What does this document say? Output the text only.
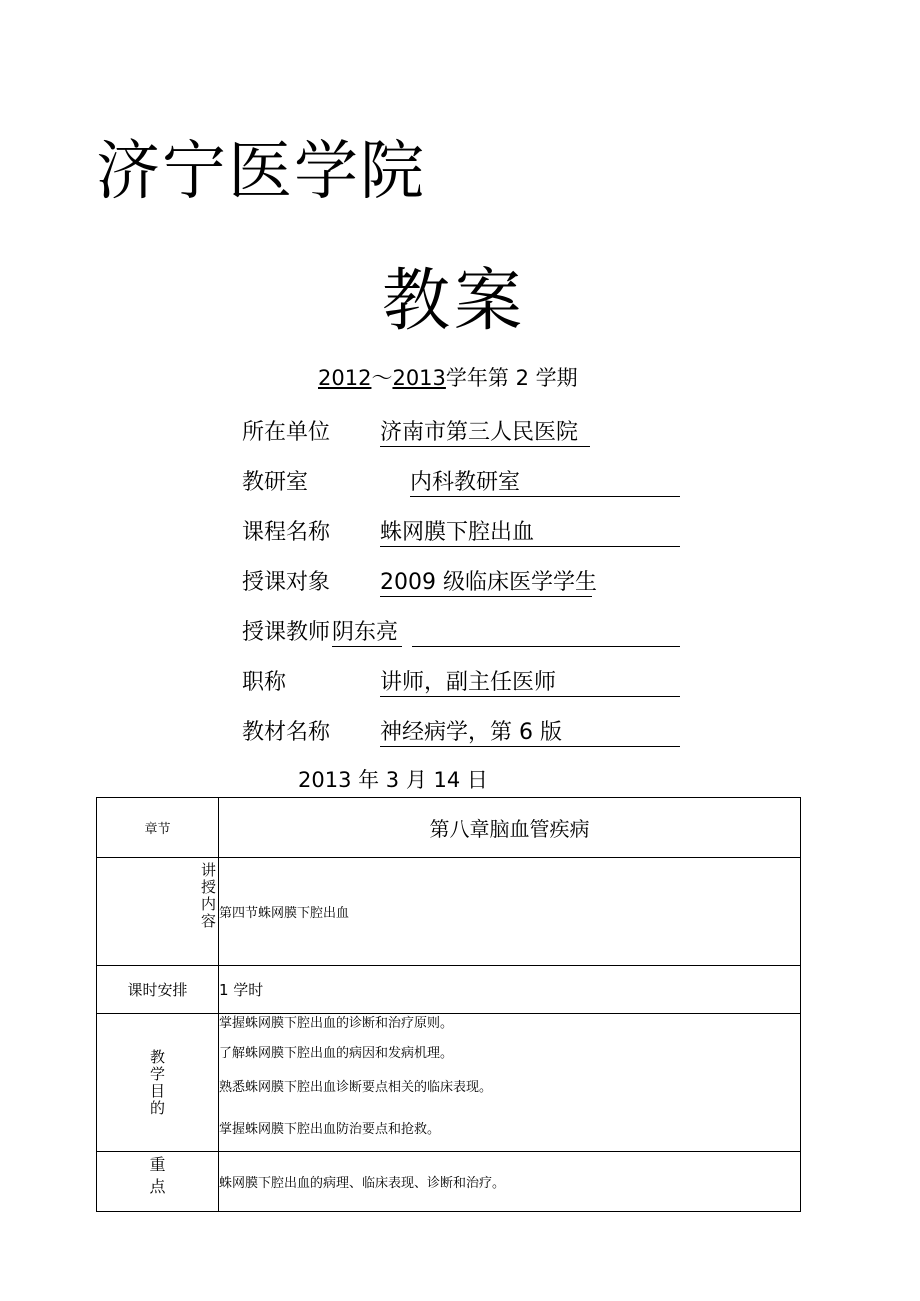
济宁医学院
教案
2012～2013学年第 2 学期
所在单位 济南市第三人民医院
教研室	内科教研室
课程名称 蛛网膜下腔出血
授课对象 2009 级临床医学学生
授课教师 阴东亮
职称	讲师，副主任医师
教材名称 神经病学，第 6 版
2013 年 3 月 14 日
章节	第八章脑血管疾病
讲授内容	第四节蛛网膜下腔出血
课时安排	1 学时
教学目的	掌握蛛网膜下腔出血的诊断和治疗原则。
了解蛛网膜下腔出血的病因和发病机理。
熟悉蛛网膜下腔出血诊断要点相关的临床表现。
掌握蛛网膜下腔出血防治要点和抢救。

重点	蛛网膜下腔出血的病理、临床表现、诊断和治疗。
